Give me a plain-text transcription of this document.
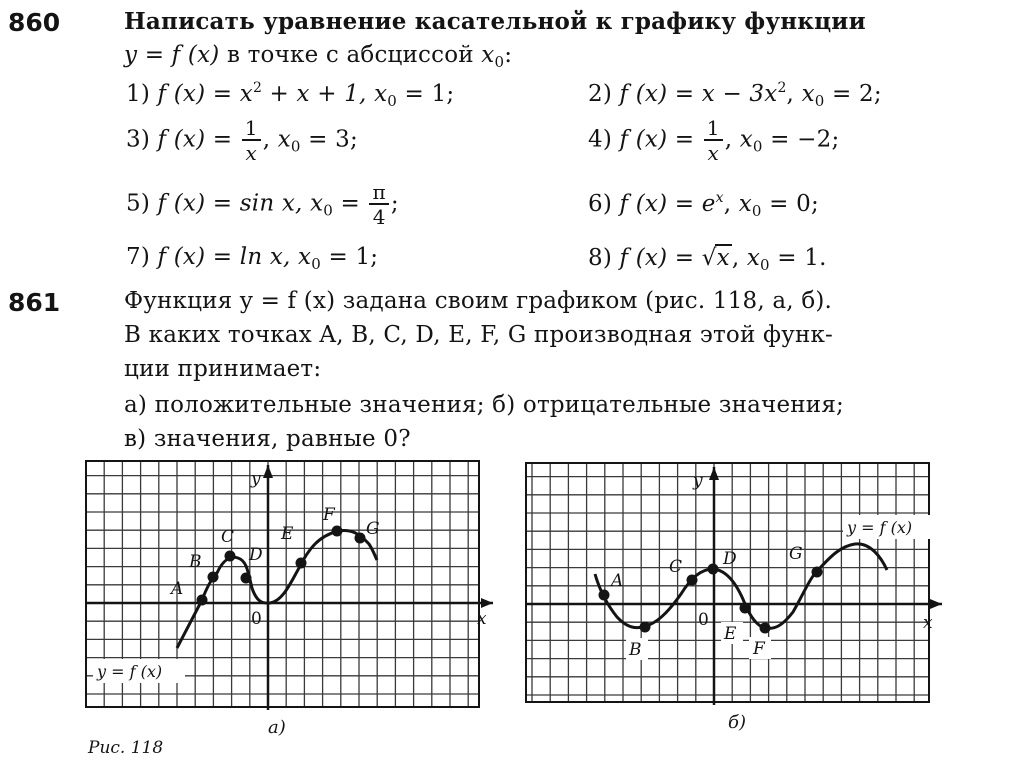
860	Написать уравнение касательной к графику функции
y = f (x) в точке с абсциссой $x_0$:
1) f $(x) = x^2 + x + 1$, $x_0 = 1$;	2) f $(x) = x - 3x^2$, $x_0 = 2$;
3) f $(x) = \frac{1}{x}$ , $x_0 = 3$;	4) f $(x) = \frac{1}{x}$ , $x_0 = -2$;
5) f (x) = sin x, $x_0 = \frac{\pi}{4}$ ;	6) f $(x) = e^x$, $x_0 = 0$;
7) f (x) = ln x, $x_0 = 1$;	8) f (x) = √x, $x_0 = 1$.
861	Функция y = f (x) задана своим графиком (рис. 118, a, б).
В каких точках A, B, C, D, E, F, G производная этой функ-
ции принимает:
а) положительные значения; б) отрицательные значения;
в) значения, равные 0?
A
B
C
D
E
F
G
y
x
0
y = f (x)
A
B
C D
E
F
G
y
x
0
y = f (x)
а)	б)
Рис. 118
